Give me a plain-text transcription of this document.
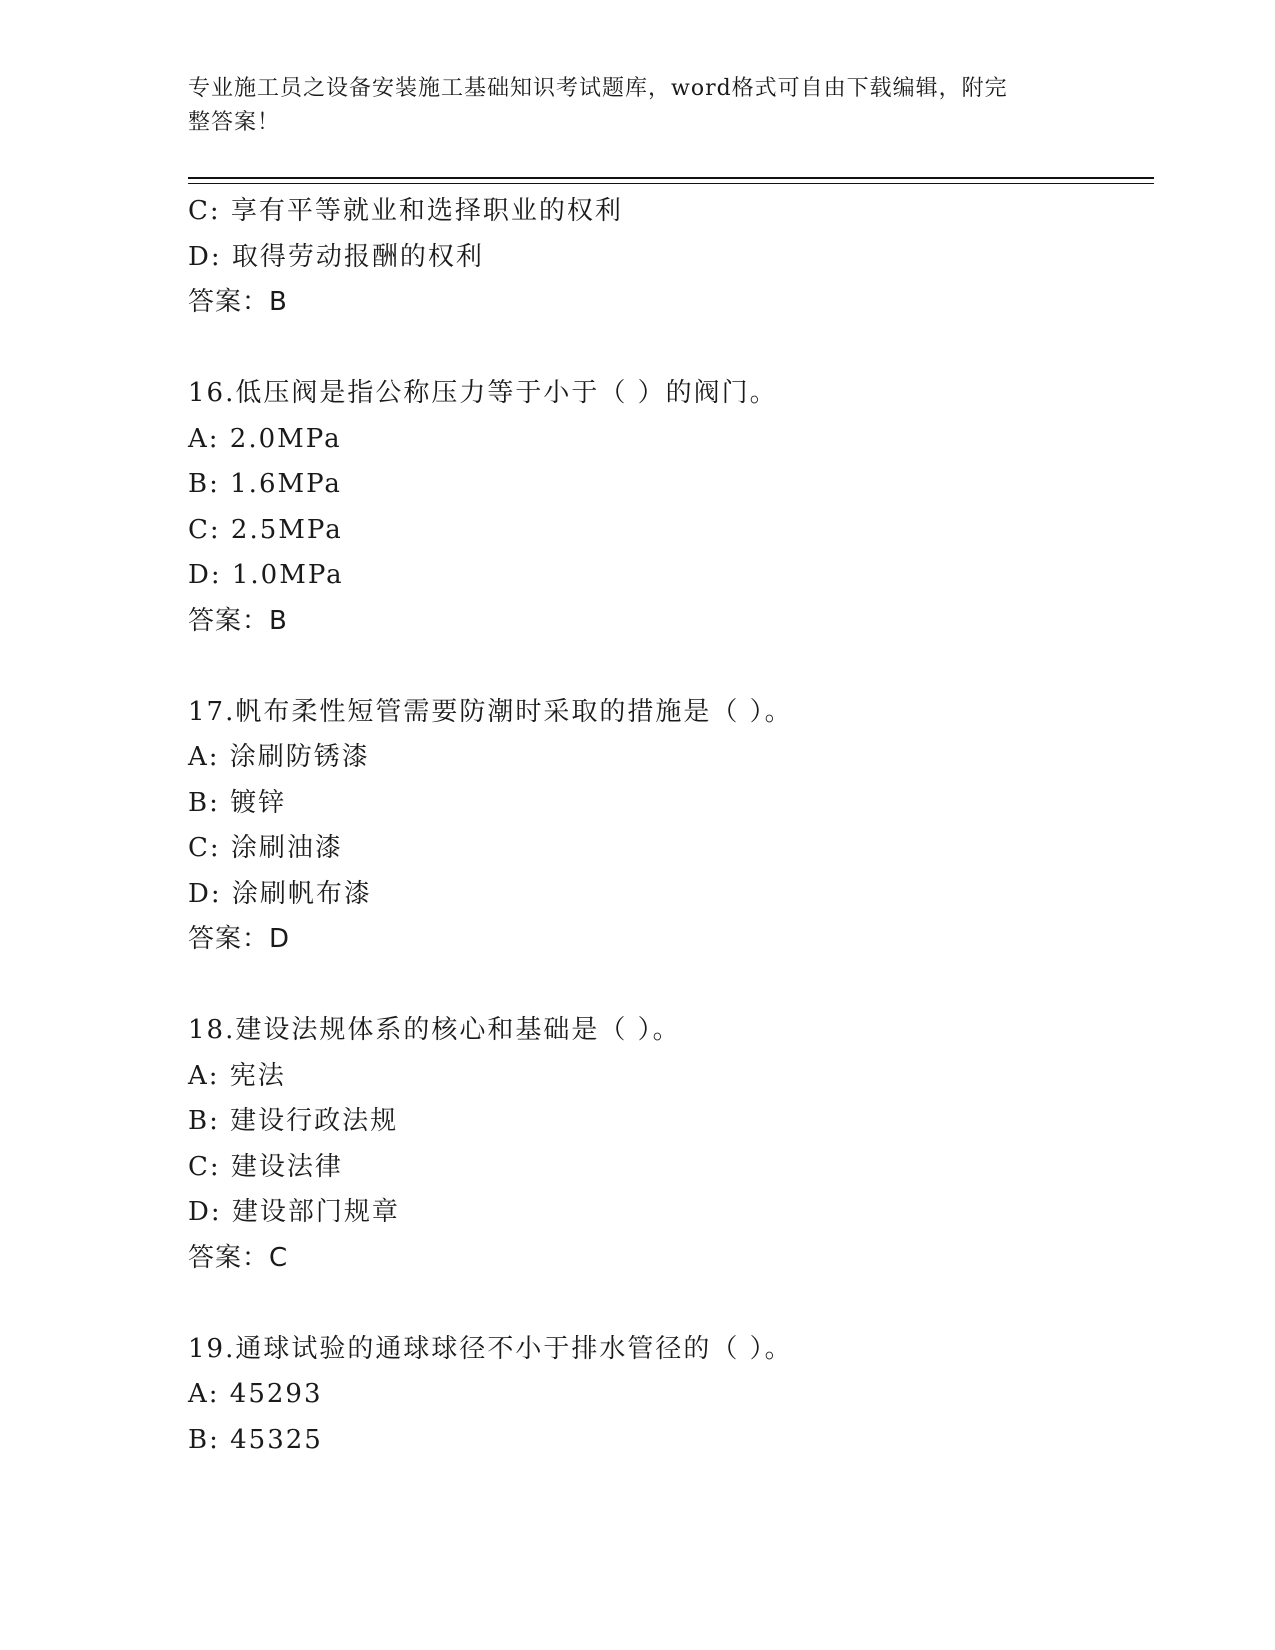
专业施工员之设备安装施工基础知识考试题库，word格式可自由下载编辑，附完
整答案！
C: 享有平等就业和选择职业的权利
D: 取得劳动报酬的权利
答案：B
16.低压阀是指公称压力等于小于（ ）的阀门。
A: 2.0MPa
B: 1.6MPa
C: 2.5MPa
D: 1.0MPa
答案：B
17.帆布柔性短管需要防潮时采取的措施是（ ）。
A: 涂刷防锈漆
B: 镀锌
C: 涂刷油漆
D: 涂刷帆布漆
答案：D
18.建设法规体系的核心和基础是（ ）。
A: 宪法
B: 建设行政法规
C: 建设法律
D: 建设部门规章
答案：C
19.通球试验的通球球径不小于排水管径的（ ）。
A: 45293
B: 45325
